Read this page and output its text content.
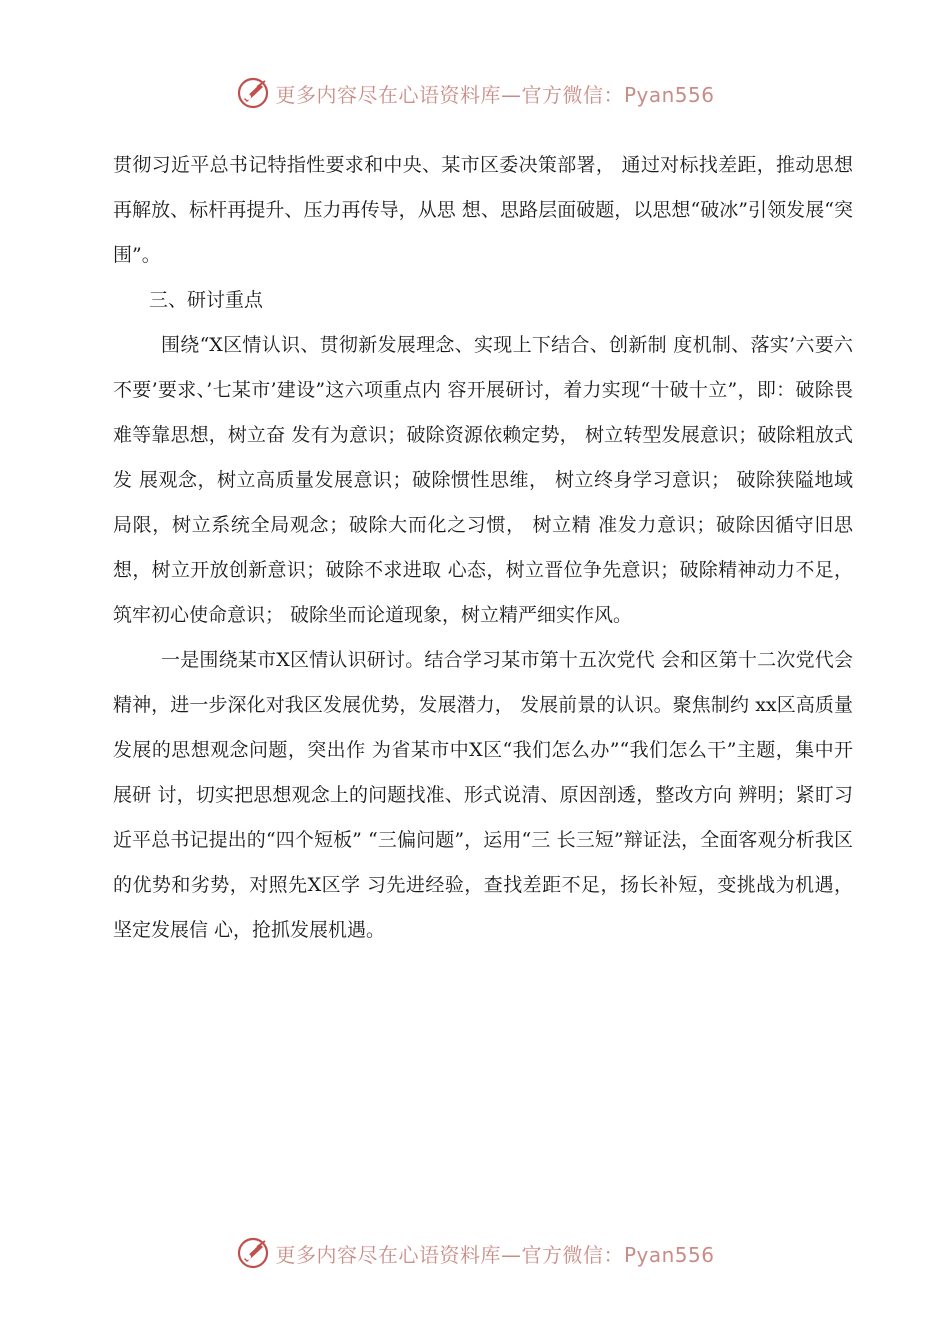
更多内容尽在心语资料库—官方微信：Pyan556

贯彻习近平总书记特指性要求和中央、某市区委决策部署， 通过对标找差距，推动思想再解放、标杆再提升、压力再传导，从思 想、思路层面破题，以思想“破冰”引领发展“突围”。

三、研讨重点

围绕“X区情认识、贯彻新发展理念、实现上下结合、创新制 度机制、落实’六要六不要’要求、’七某市’建设”这六项重点内 容开展研讨，着力实现“十破十立”，即：破除畏难等靠思想，树立奋 发有为意识；破除资源依赖定势， 树立转型发展意识；破除粗放式发 展观念，树立高质量发展意识；破除惯性思维， 树立终身学习意识； 破除狭隘地域局限，树立系统全局观念；破除大而化之习惯， 树立精 准发力意识；破除因循守旧思想，树立开放创新意识；破除不求进取 心态，树立晋位争先意识；破除精神动力不足，筑牢初心使命意识； 破除坐而论道现象，树立精严细实作风。

一是围绕某市X区情认识研讨。结合学习某市第十五次党代 会和区第十二次党代会精神，进一步深化对我区发展优势，发展潜力， 发展前景的认识。聚焦制约 xx区高质量发展的思想观念问题，突出作 为省某市中X区“我们怎么办”“我们怎么干”主题，集中开展研 讨，切实把思想观念上的问题找准、形式说清、原因剖透，整改方向 辨明；紧盯习近平总书记提出的“四个短板” “三偏问题”，运用“三 长三短”辩证法，全面客观分析我区的优势和劣势，对照先X区学 习先进经验，查找差距不足，扬长补短，变挑战为机遇，坚定发展信 心，抢抓发展机遇。

更多内容尽在心语资料库—官方微信：Pyan556
